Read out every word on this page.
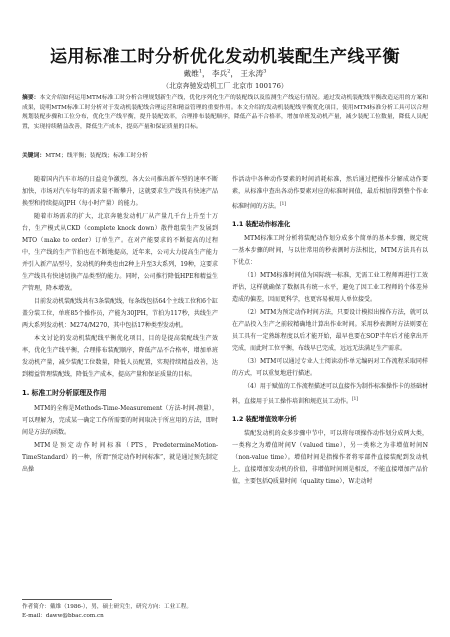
运用标准工时分析优化发动机装配生产线平衡
戴维$^1$， 李兵$^2$， 王永涛$^3$
（北京奔驰发动机工厂 北京市 100176）
摘要：本文介绍如何运用MTM标准工时分析合理规划新生产线，优化序列化生产的装配线以及监测生产线运行情况。通过发动机装配线平衡改造运用的方案和成果，说明MTM标准工时分析对于发动机装配线合理运营和精益管理的重要作用。本文介绍的发动机装配线平衡优化项目，使用MTM标准分析工具可以合理规划装配步骤和工位分布，优化生产线平衡，提升装配效率，合理排布装配顺序，降低产品不合格率，增加单班发动机产量，减少装配工位数量，降低人员配置，实现持续精益改善，降低生产成本，提高产量和保证质量的目标。
关键词：MTM；线平衡；装配线；标准工时分析

随着国内汽车市场的日益竞争激烈，各大公司推出新车型的速率不断加快，市场对汽车每年的需求量不断攀升，这就要求生产线具有快速产品换型和持续提高JPH（每小时产量）的能力。

随着市场需求的扩大，北京奔驰发动机厂从产量几千台上升至十万台，生产模式从CKD（complete knock down）散件组装生产发展到MTO（make to order）订单生产。在对产能要求的不断提高的过程中，生产线的生产节拍也在不断地提高，近年来，公司大力提高生产能力并引入新产品型号，发动机的种类也由2种上升至3大系列，19种，这要求生产线具有快速切换产品类型的能力。同时，公司推行降低HPE和精益生产管理，降本增效。

目前发动机装配线共有3条装配线，每条线包括64个主线工位和6个缸盖分装工位，单班85个操作员，产能为30JPH，节拍为117秒，共线生产两大系列发动机：M274/M270，其中包括17种类型发动机。

本文讨论的发动机装配线平衡优化项目，目的是提高装配线生产效率，优化生产线平衡，合理排布装配顺序，降低产品不合格率，增加单班发动机产量，减少装配工位数量，降低人员配置，实现持续精益改善，达到精益管理装配线，降低生产成本，提高产量和保证质量的目标。

1. 标准工时分析原理及作用

MTM的全称是Methods-Time-Measurement（方法-时间-测量），可以理解为，完成某一确定工作所需要的时间取决于所应用的方法，即时间是方法的函数。

MTM是预定动作时间标准（PTS，PredetermineMotion-TimeStandard）的一种，所谓“预定动作时间标准”，就是通过预先制定出操

作活动中各种动作要素的时间消耗标准，然后通过把操作分解成动作要素，从标准中查出各动作要素对应的标准时间值，最后相加得到整个作业标准时间的方法。[1]

1.1 装配动作标准化

MTM标准工时分析将装配动作划分成多个简单的基本步骤，规定统一基本步骤的时间，与以往常用的秒表测时方法相比，MTM方法具有以下优点：

（1）MTM标准时间值为国际统一标准，无需工业工程师再进行工效评估，这样就确保了数据具有统一水平，避免了因工业工程师的个体差异造成的偏差，因而更科学，也更容易被用人单位接受。

（2）MTM为预定动作时间方法，只要设计模拟出操作方法，就可以在产品投入生产之前较精确地计算出作业时间。采用秒表测时方法则要在员工具有一定熟练程度以后才能开始，最早也要在SOP半年后才能拿出开完成，而此时工位平衡，布线早已完成，远远无法满足生产需求。

（3）MTM可以通过专业人士阅读动作单元编码对工作流程采取同样的方式，可以重复地进行描述。

（4）用于赋值的工作流程描述可以直接作为制作标准操作卡的基础材料，直接用于员工操作培训和规范员工动作。[1]

1.2 装配增值效率分析

装配发动机的众多步骤中节中，可以将每项操作动作划分成两大类，一类称之为增值时间V（valued time），另一类称之为非增值时间N（non-value time）。增值时间是指操作者将零部件直接装配到发动机上，直接增加发动机的价值，非增值时间则是相反，不能直接增加产品价值，主要包括Q质量时间（quality time），W走动时

作者简介：戴维（1986-），男，硕士研究生，研究方向：工业工程。
E-mail：daww@bbac.com.cn
